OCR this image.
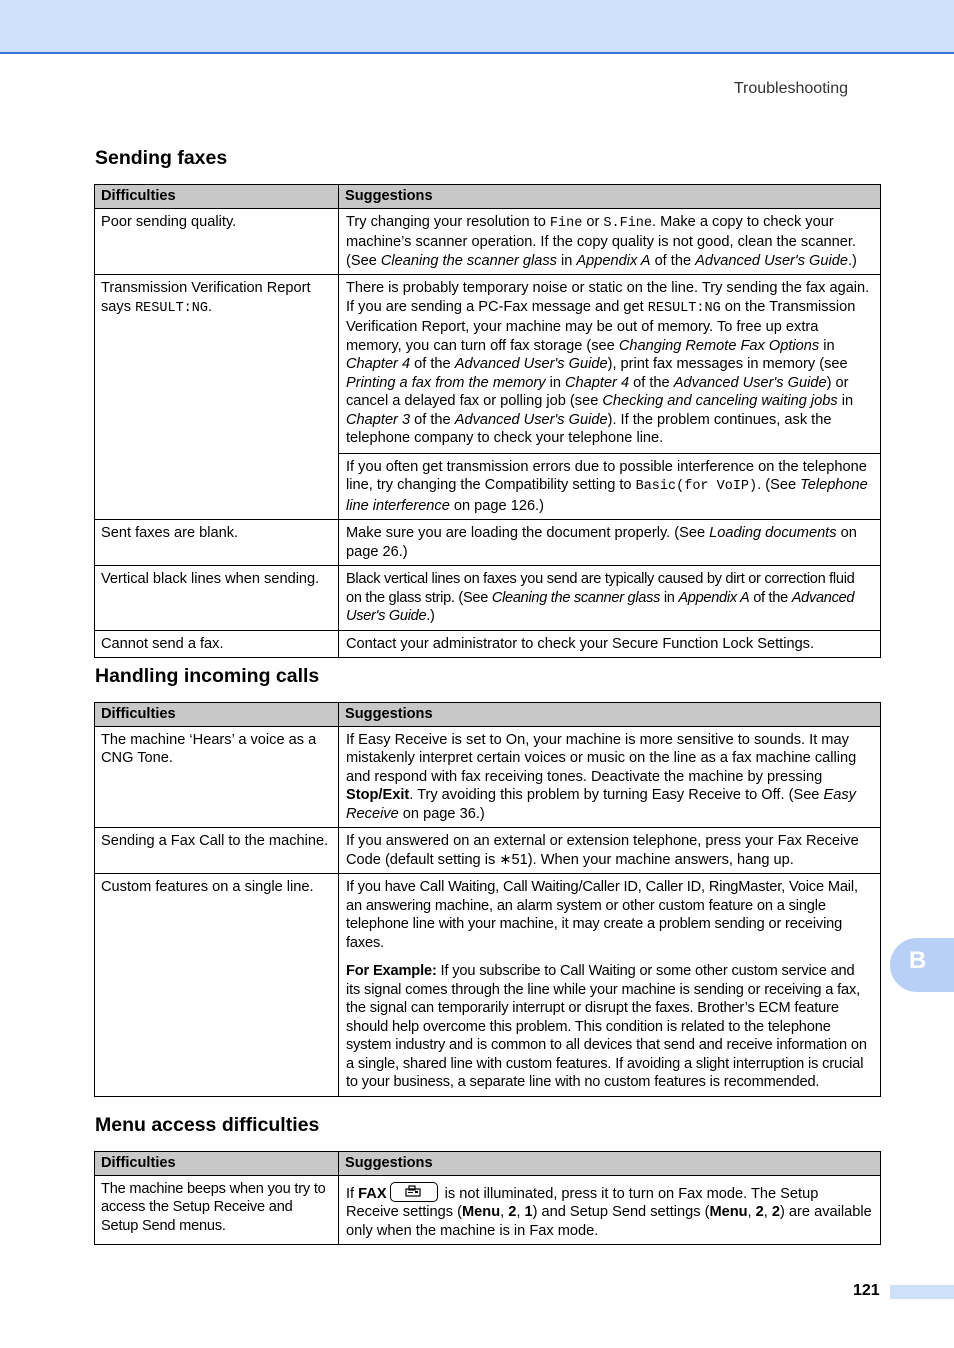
Troubleshooting
Sending faxes
Difficulties	Suggestions
Poor sending quality.	Try changing your resolution to Fine or S.Fine. Make a copy to check your machine’s scanner operation. If the copy quality is not good, clean the scanner. (See Cleaning the scanner glass in Appendix A of the Advanced User's Guide.)
Transmission Verification Report says RESULT:NG.	There is probably temporary noise or static on the line. Try sending the fax again. If you are sending a PC-Fax message and get RESULT:NG on the Transmission Verification Report, your machine may be out of memory. To free up extra memory, you can turn off fax storage (see Changing Remote Fax Options in Chapter 4 of the Advanced User's Guide), print fax messages in memory (see Printing a fax from the memory in Chapter 4 of the Advanced User's Guide) or cancel a delayed fax or polling job (see Checking and canceling waiting jobs in Chapter 3 of the Advanced User's Guide). If the problem continues, ask the telephone company to check your telephone line.
	If you often get transmission errors due to possible interference on the telephone line, try changing the Compatibility setting to Basic(for VoIP). (See Telephone line interference on page 126.)
Sent faxes are blank.	Make sure you are loading the document properly. (See Loading documents on page 26.)
Vertical black lines when sending.	Black vertical lines on faxes you send are typically caused by dirt or correction fluid on the glass strip. (See Cleaning the scanner glass in Appendix A of the Advanced User's Guide.)
Cannot send a fax.	Contact your administrator to check your Secure Function Lock Settings.
Handling incoming calls
Difficulties	Suggestions
The machine ‘Hears’ a voice as a CNG Tone.	If Easy Receive is set to On, your machine is more sensitive to sounds. It may mistakenly interpret certain voices or music on the line as a fax machine calling and respond with fax receiving tones. Deactivate the machine by pressing Stop/Exit. Try avoiding this problem by turning Easy Receive to Off. (See Easy Receive on page 36.)
Sending a Fax Call to the machine.	If you answered on an external or extension telephone, press your Fax Receive Code (default setting is ∗51). When your machine answers, hang up.
Custom features on a single line.	If you have Call Waiting, Call Waiting/Caller ID, Caller ID, RingMaster, Voice Mail, an answering machine, an alarm system or other custom feature on a single telephone line with your machine, it may create a problem sending or receiving faxes.
For Example: If you subscribe to Call Waiting or some other custom service and its signal comes through the line while your machine is sending or receiving a fax, the signal can temporarily interrupt or disrupt the faxes. Brother’s ECM feature should help overcome this problem. This condition is related to the telephone system industry and is common to all devices that send and receive information on a single, shared line with custom features. If avoiding a slight interruption is crucial to your business, a separate line with no custom features is recommended.
Menu access difficulties
Difficulties	Suggestions
The machine beeps when you try to access the Setup Receive and Setup Send menus.	If FAX is not illuminated, press it to turn on Fax mode. The Setup Receive settings (Menu, 2, 1) and Setup Send settings (Menu, 2, 2) are available only when the machine is in Fax mode.
B
121
